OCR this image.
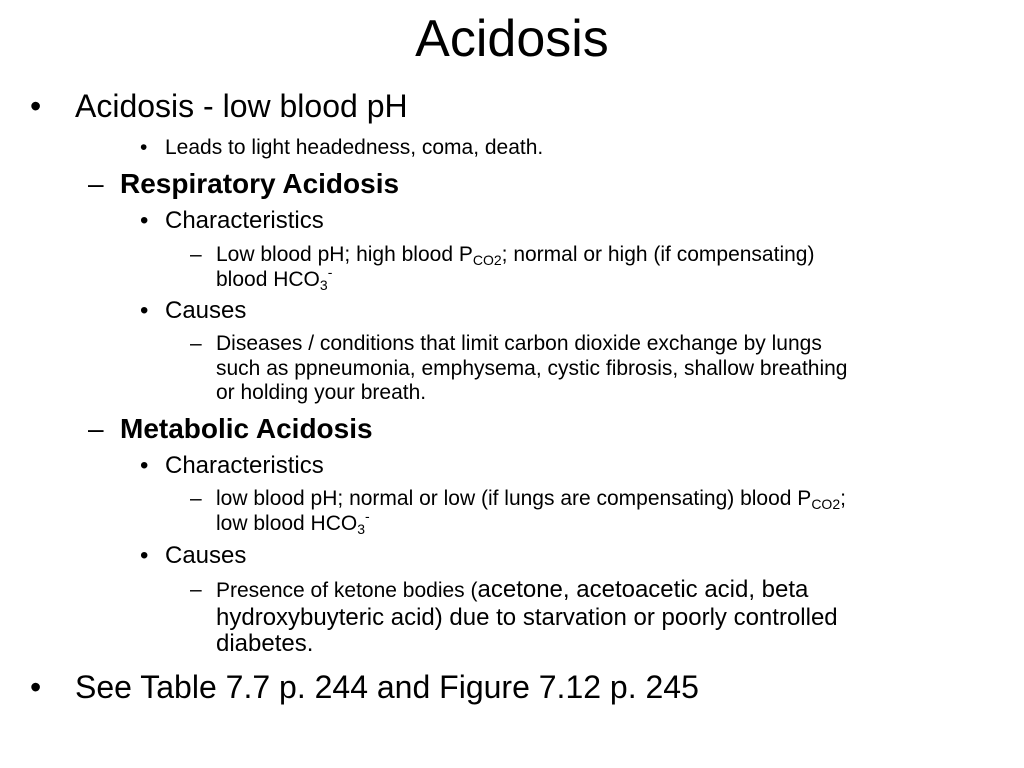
Acidosis
• Acidosis - low blood pH
• Leads to light headedness, coma, death.
– Respiratory Acidosis
• Characteristics
– Low blood pH; high blood $P_{CO2}$; normal or high (if compensating)
blood $HCO_3^-$
• Causes
– Diseases / conditions that limit carbon dioxide exchange by lungs
such as ppneumonia, emphysema, cystic fibrosis, shallow breathing
or holding your breath.
– Metabolic Acidosis
• Characteristics
– low blood pH; normal or low (if lungs are compensating) blood $P_{CO2}$;
low blood $HCO_3^-$
• Causes
– Presence of ketone bodies (acetone, acetoacetic acid, beta
hydroxybuyteric acid) due to starvation or poorly controlled
diabetes.
• See Table 7.7 p. 244 and Figure 7.12 p. 245
